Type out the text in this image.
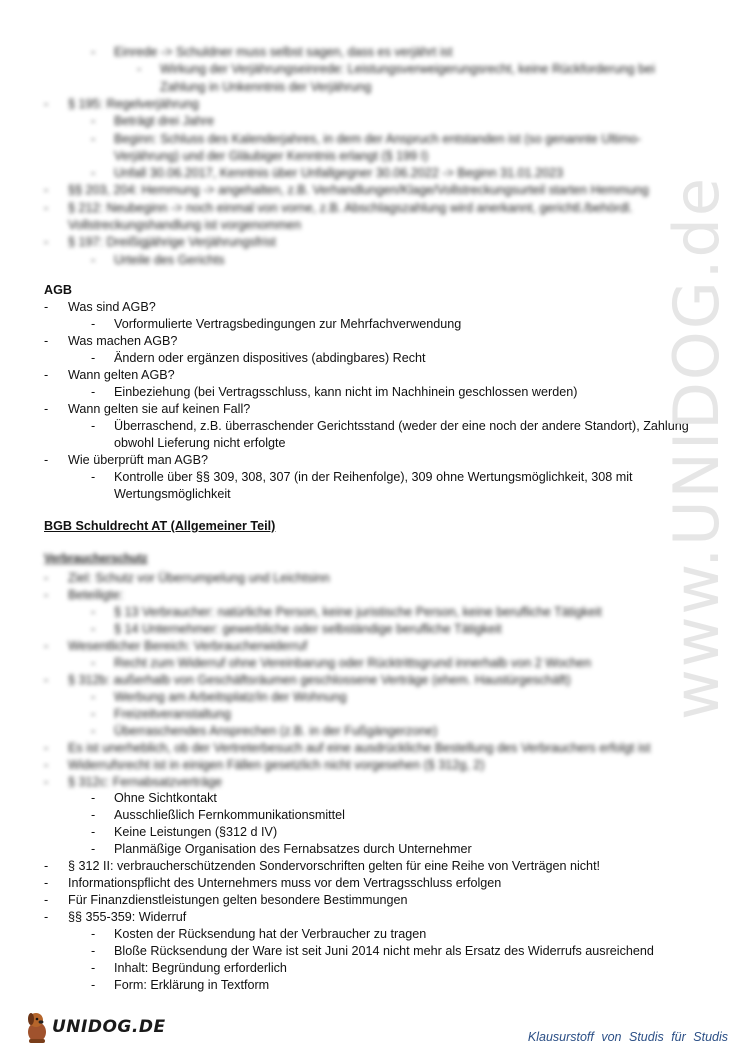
- Einrede -> Schuldner muss selbst sagen, dass es verjährt ist
- Wirkung der Verjährungseinrede: Leistungsverweigerungsrecht, keine Rückforderung bei
Zahlung in Unkenntnis der Verjährung
- § 195: Regelverjährung
- Beträgt drei Jahre
- Beginn: Schluss des Kalenderjahres, in dem der Anspruch entstanden ist (so genannte Ultimo-
Verjährung) und der Gläubiger Kenntnis erlangt (§ 199 I)
- Unfall 30.06.2017, Kenntnis über Unfallgegner 30.06.2022 -> Beginn 31.01.2023
- §§ 203, 204: Hemmung -> angehalten, z.B. Verhandlungen/Klage/Vollstreckungsurteil starten Hemmung
- § 212: Neubeginn -> noch einmal von vorne, z.B. Abschlagszahlung wird anerkannt, gerichtl./behördl.
Vollstreckungshandlung ist vorgenommen
- § 197: Dreißigjährige Verjährungsfrist
- Urteile des Gerichts
AGB
- Was sind AGB?
- Vorformulierte Vertragsbedingungen zur Mehrfachverwendung
- Was machen AGB?
- Ändern oder ergänzen dispositives (abdingbares) Recht
- Wann gelten AGB?
- Einbeziehung (bei Vertragsschluss, kann nicht im Nachhinein geschlossen werden)
- Wann gelten sie auf keinen Fall?
- Überraschend, z.B. überraschender Gerichtsstand (weder der eine noch der andere Standort), Zahlung
obwohl Lieferung nicht erfolgte
- Wie überprüft man AGB?
- Kontrolle über §§ 309, 308, 307 (in der Reihenfolge), 309 ohne Wertungsmöglichkeit, 308 mit
Wertungsmöglichkeit
BGB Schuldrecht AT (Allgemeiner Teil)
Verbraucherschutz
- Ziel: Schutz vor Überrumpelung und Leichtsinn
- Beteiligte:
- § 13 Verbraucher: natürliche Person, keine juristische Person, keine berufliche Tätigkeit
- § 14 Unternehmer: gewerbliche oder selbständige berufliche Tätigkeit
- Wesentlicher Bereich: Verbraucherwiderruf
- Recht zum Widerruf ohne Vereinbarung oder Rücktrittsgrund innerhalb von 2 Wochen
- § 312b: außerhalb von Geschäftsräumen geschlossene Verträge (ehem. Haustürgeschäft)
- Werbung am Arbeitsplatz/in der Wohnung
- Freizeitveranstaltung
- Überraschendes Ansprechen (z.B. in der Fußgängerzone)
- Es ist unerheblich, ob der Vertreterbesuch auf eine ausdrückliche Bestellung des Verbrauchers erfolgt ist
- Widerrufsrecht ist in einigen Fällen gesetzlich nicht vorgesehen (§ 312g, 2)
- § 312c: Fernabsatzverträge
- Ohne Sichtkontakt
- Ausschließlich Fernkommunikationsmittel
- Keine Leistungen (§312 d IV)
- Planmäßige Organisation des Fernabsatzes durch Unternehmer
- § 312 II: verbraucherschützenden Sondervorschriften gelten für eine Reihe von Verträgen nicht!
- Informationspflicht des Unternehmers muss vor dem Vertragsschluss erfolgen
- Für Finanzdienstleistungen gelten besondere Bestimmungen
- §§ 355-359: Widerruf
- Kosten der Rücksendung hat der Verbraucher zu tragen
- Bloße Rücksendung der Ware ist seit Juni 2014 nicht mehr als Ersatz des Widerrufs ausreichend
- Inhalt: Begründung erforderlich
- Form: Erklärung in Textform
www.UNIDOG.de
UNIDOG.DE	Klausurstoff von Studis für Studis
